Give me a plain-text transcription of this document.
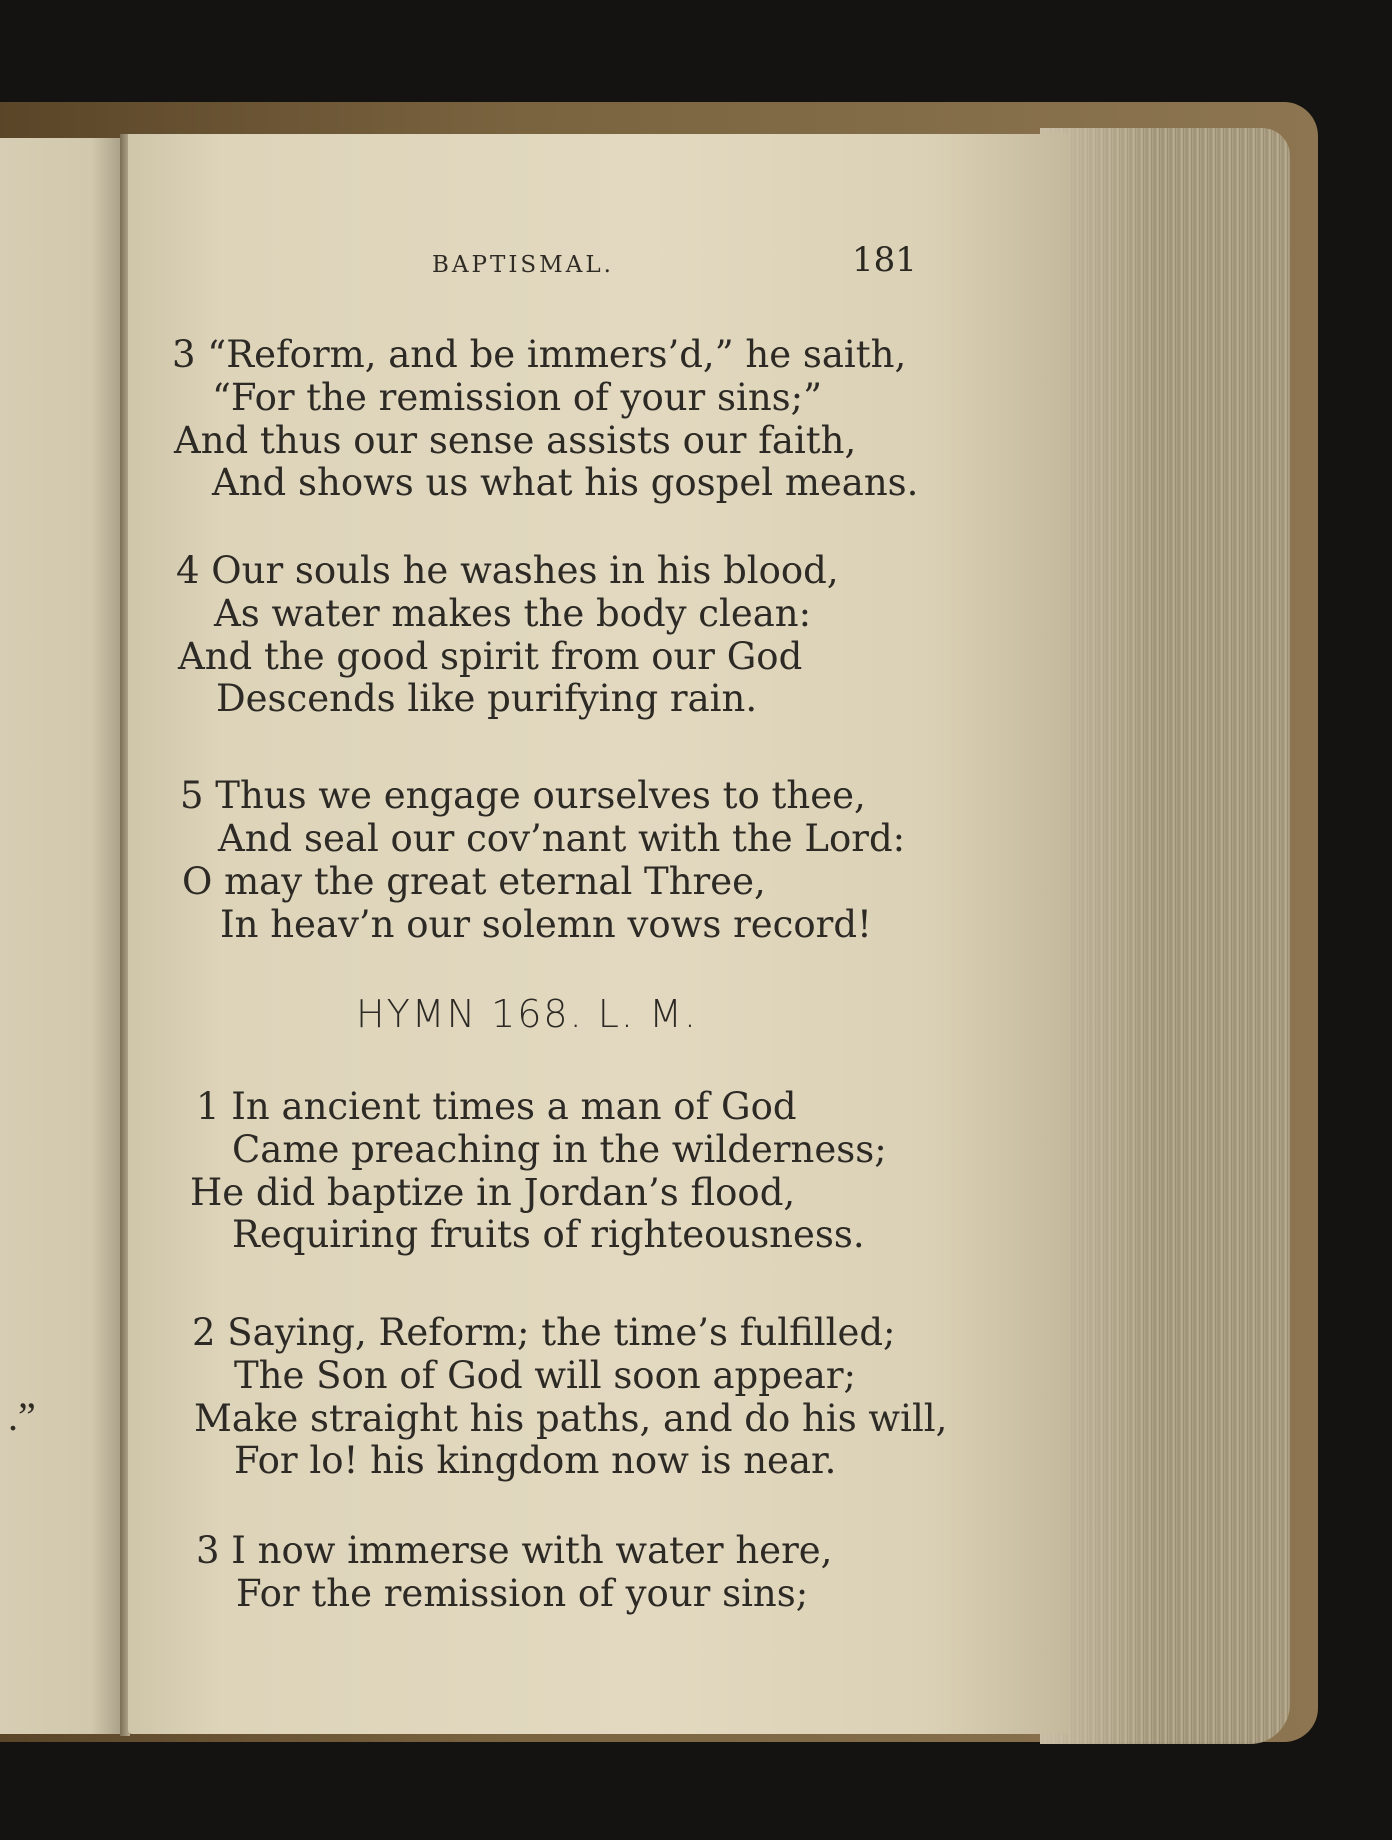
.”
BAPTISMAL.	181
3 “Reform, and be immers’d,” he saith,
“For the remission of your sins;”
And thus our sense assists our faith,
And shows us what his gospel means.
4 Our souls he washes in his blood,
As water makes the body clean:
And the good spirit from our God
Descends like purifying rain.
5 Thus we engage ourselves to thee,
And seal our cov’nant with the Lord:
O may the great eternal Three,
In heav’n our solemn vows record!
HYMN 168. L. M.
1 In ancient times a man of God
Came preaching in the wilderness;
He did baptize in Jordan’s flood,
Requiring fruits of righteousness.
2 Saying, Reform; the time’s fulfilled;
The Son of God will soon appear;
Make straight his paths, and do his will,
For lo! his kingdom now is near.
3 I now immerse with water here,
For the remission of your sins;
